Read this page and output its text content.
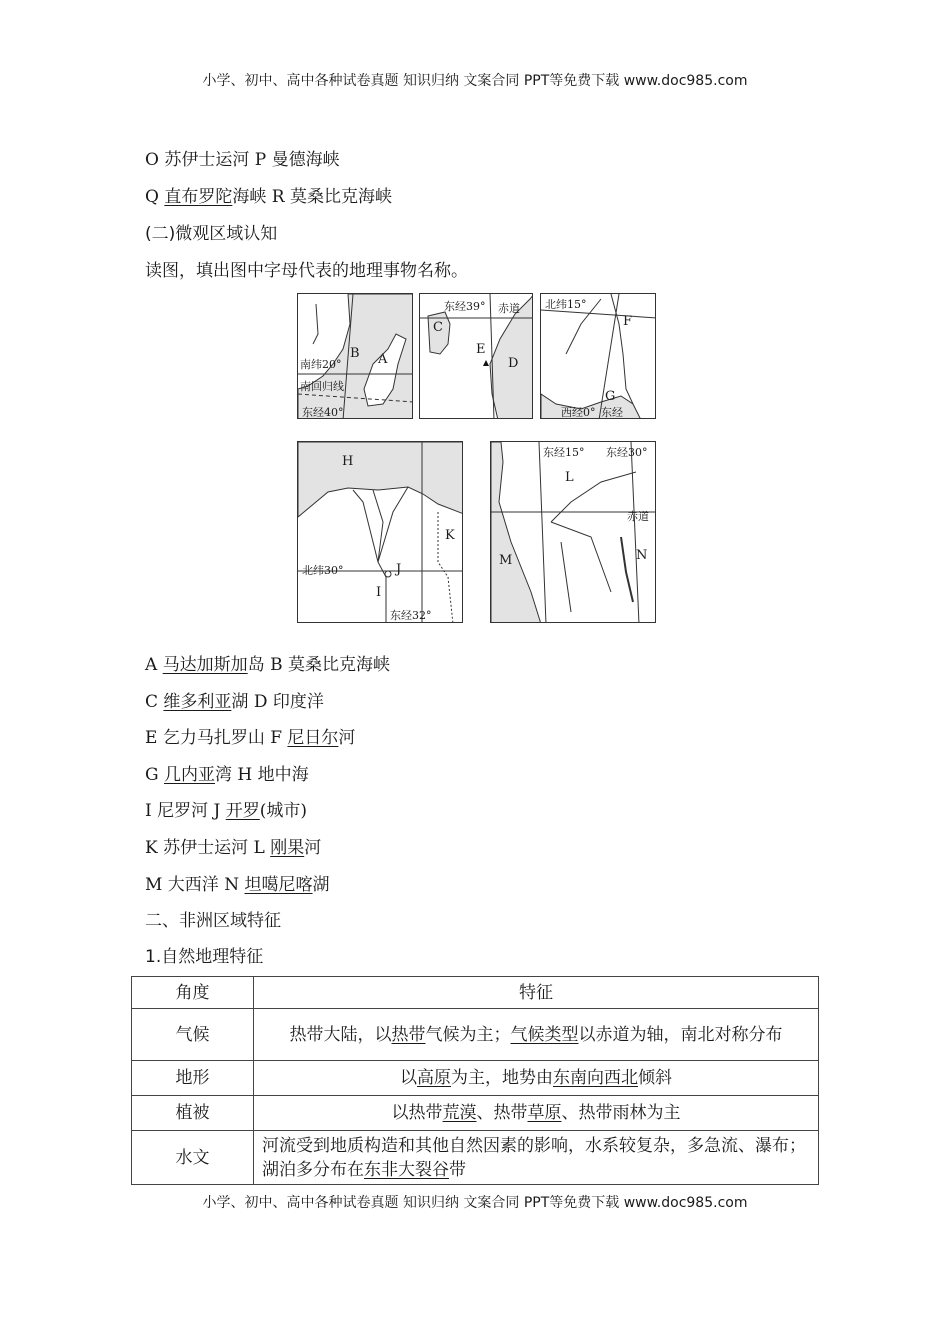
小学、初中、高中各种试卷真题 知识归纳 文案合同 PPT等免费下载 www.doc985.com
O 苏伊士运河 P 曼德海峡
Q 直布罗陀海峡 R 莫桑比克海峡
(二)微观区域认知
读图，填出图中字母代表的地理事物名称。
南纬20°
南回归线
东经40°
B A
东经39° 赤道
C
D
E
北纬15°
西经0° 东经
F
G
H
北纬30°
东经32°
I
J
K
东经15° 东经30°
赤道
L
M	N
A 马达加斯加岛 B 莫桑比克海峡
C 维多利亚湖 D 印度洋
E 乞力马扎罗山 F 尼日尔河
G 几内亚湾 H 地中海
I 尼罗河 J 开罗(城市)
K 苏伊士运河 L 刚果河
M 大西洋 N 坦噶尼喀湖
二、非洲区域特征
1.自然地理特征
角度	特征
气候	热带大陆，以热带气候为主；气候类型以赤道为轴，南北对称分布
地形	以高原为主，地势由东南向西北倾斜
植被	以热带荒漠、热带草原、热带雨林为主
水文	河流受到地质构造和其他自然因素的影响，水系较复杂，多急流、瀑布；湖泊多分布在东非大裂谷带
小学、初中、高中各种试卷真题 知识归纳 文案合同 PPT等免费下载 www.doc985.com
